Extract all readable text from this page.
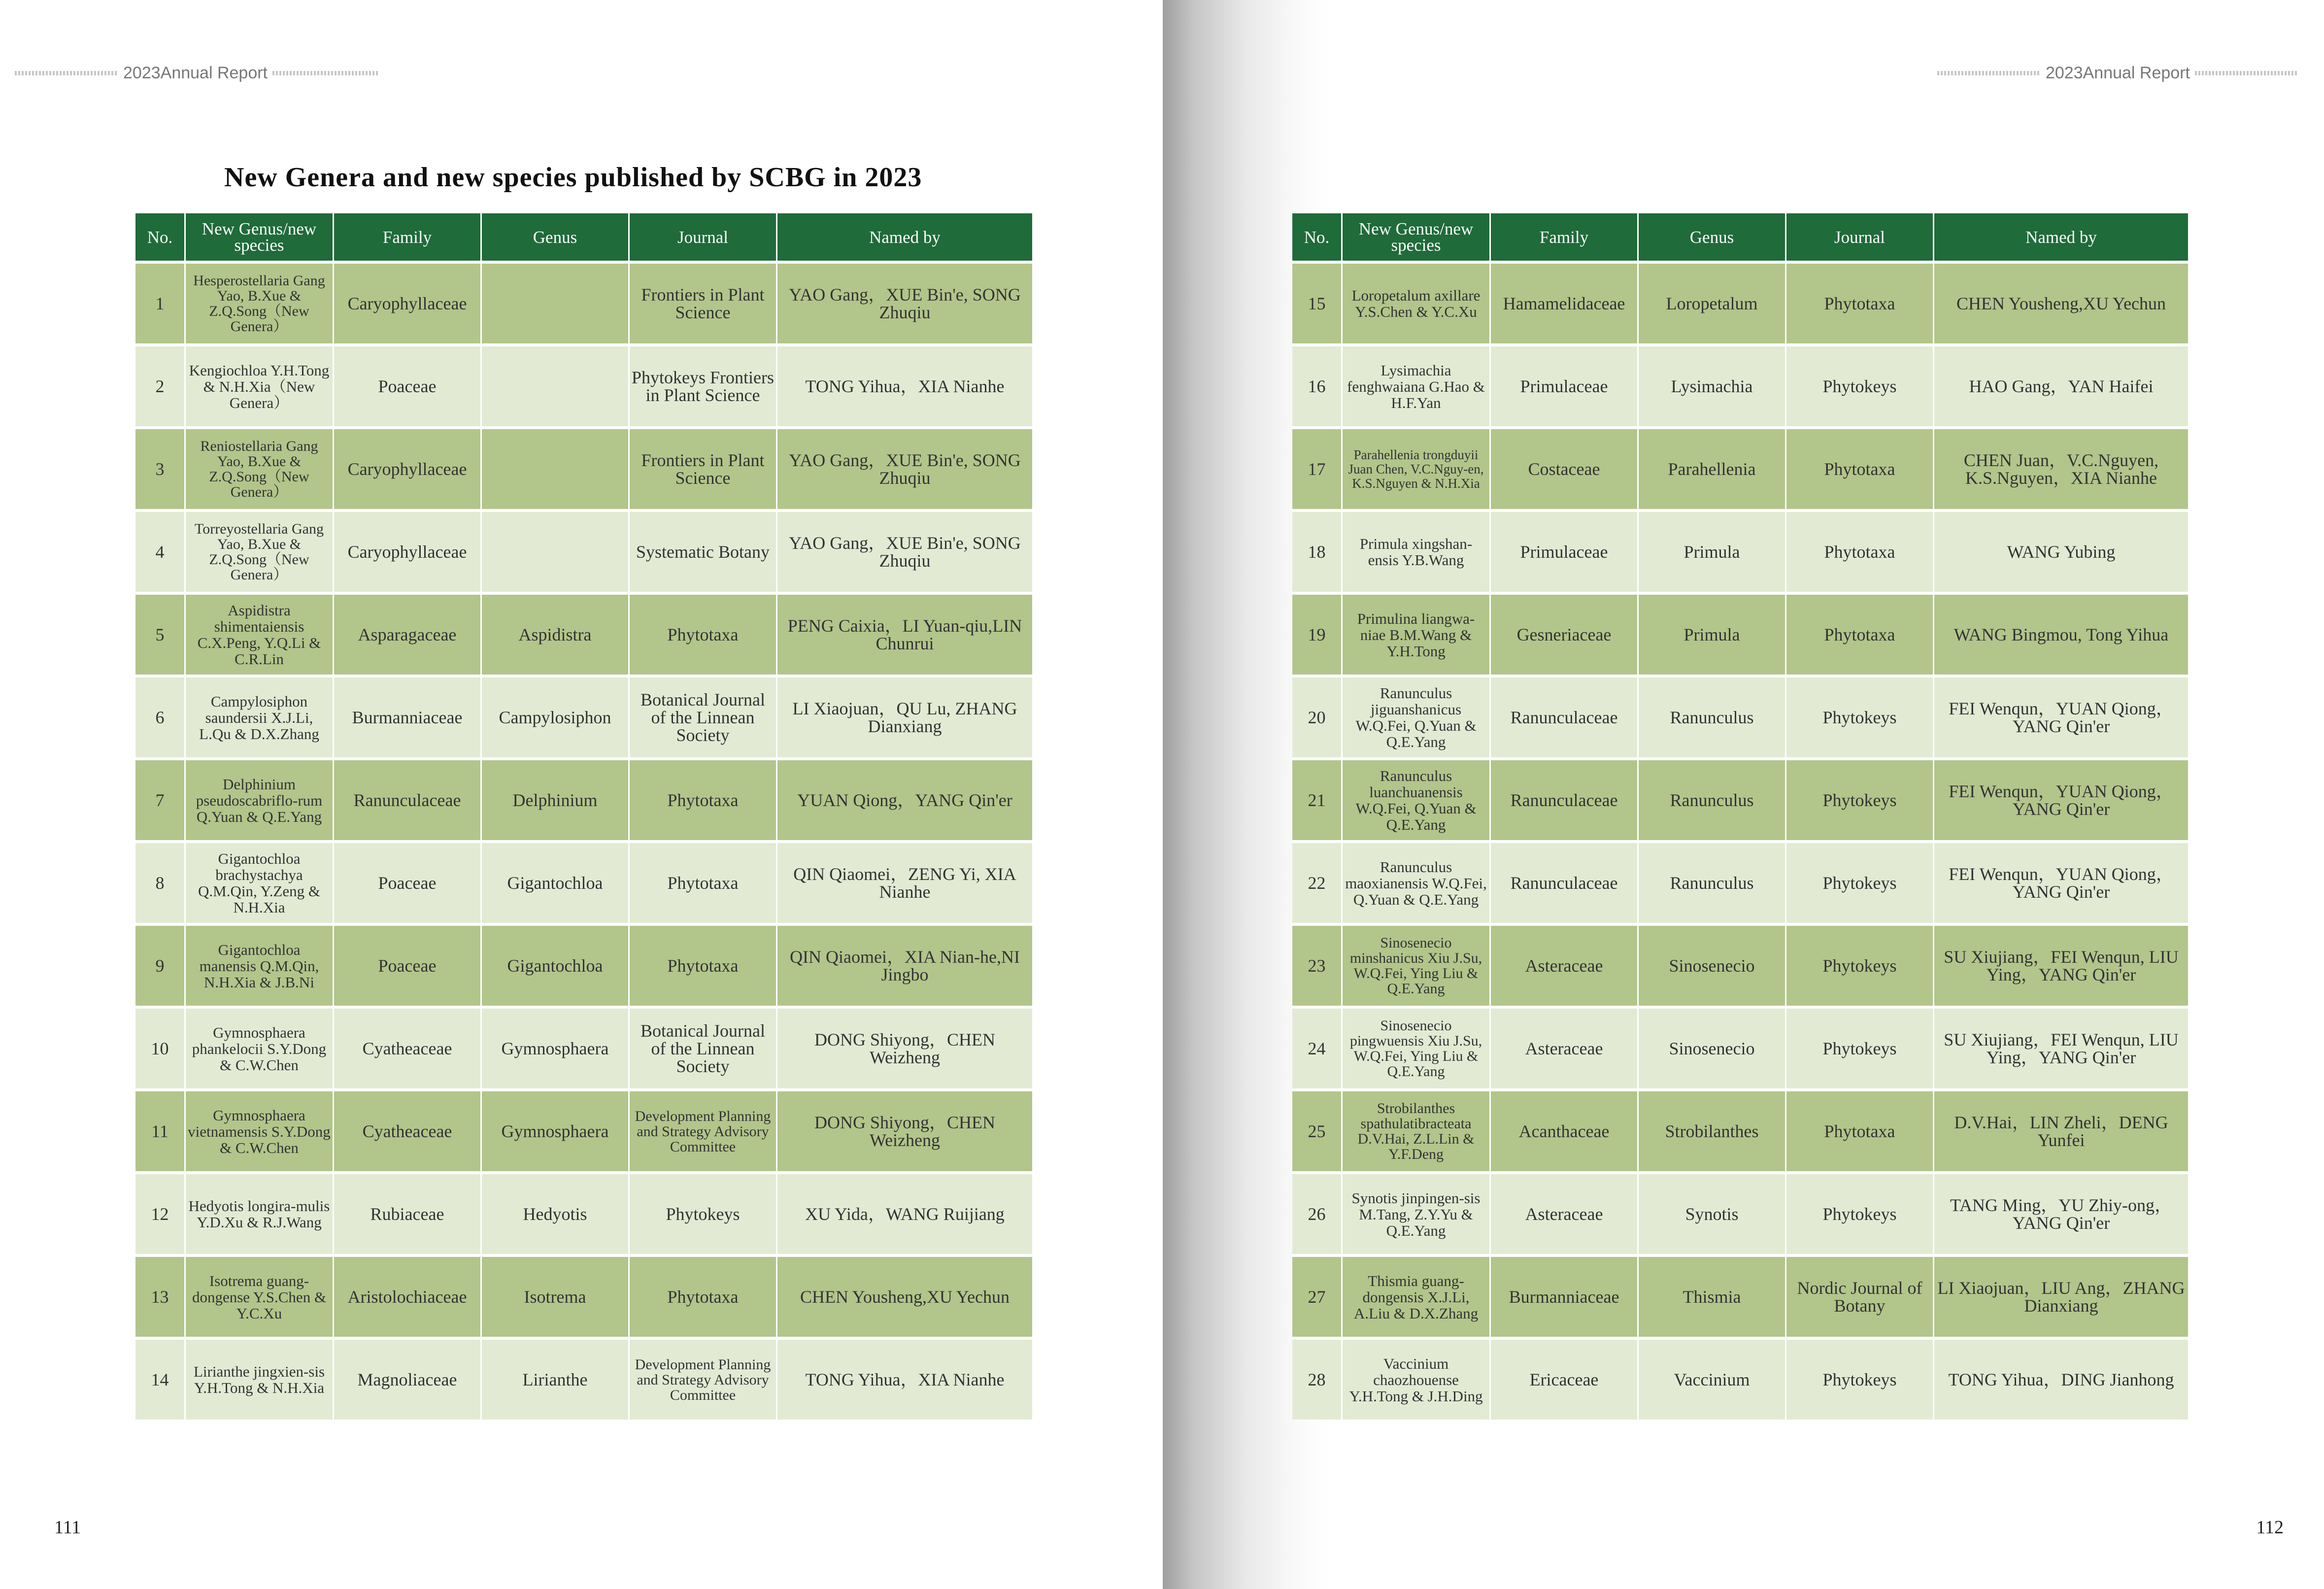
2023Annual Report
New Genera and new species published by SCBG in 2023
No.	New Genus/new species	Family	Genus	Journal	Named by
1	Hesperostellaria Gang Yao, B.Xue & Z.Q.Song（New Genera）	Caryophyllaceae		Frontiers in Plant Science	YAO Gang，XUE Bin'e, SONG Zhuqiu
2	Kengiochloa Y.H.Tong & N.H.Xia（New Genera）	Poaceae		Phytokeys Frontiers in Plant Science	TONG Yihua，XIA Nianhe
3	Reniostellaria Gang Yao, B.Xue & Z.Q.Song（New Genera）	Caryophyllaceae		Frontiers in Plant Science	YAO Gang，XUE Bin'e, SONG Zhuqiu
4	Torreyostellaria Gang Yao, B.Xue & Z.Q.Song（New Genera）	Caryophyllaceae		Systematic Botany	YAO Gang，XUE Bin'e, SONG Zhuqiu
5	Aspidistra shimentaiensis C.X.Peng, Y.Q.Li & C.R.Lin	Asparagaceae	Aspidistra	Phytotaxa	PENG Caixia，LI Yuan-qiu,LIN Chunrui
6	Campylosiphon saundersii X.J.Li, L.Qu & D.X.Zhang	Burmanniaceae	Campylosiphon	Botanical Journal of the Linnean Society	LI Xiaojuan，QU Lu, ZHANG Dianxiang
7	Delphinium pseudoscabriflo-rum Q.Yuan & Q.E.Yang	Ranunculaceae	Delphinium	Phytotaxa	YUAN Qiong，YANG Qin'er
8	Gigantochloa brachystachya Q.M.Qin, Y.Zeng & N.H.Xia	Poaceae	Gigantochloa	Phytotaxa	QIN Qiaomei，ZENG Yi, XIA Nianhe
9	Gigantochloa manensis Q.M.Qin, N.H.Xia & J.B.Ni	Poaceae	Gigantochloa	Phytotaxa	QIN Qiaomei，XIA Nian-he,NI Jingbo
10	Gymnosphaera phankelocii S.Y.Dong & C.W.Chen	Cyatheaceae	Gymnosphaera	Botanical Journal of the Linnean Society	DONG Shiyong，CHEN Weizheng
11	Gymnosphaera vietnamensis S.Y.Dong & C.W.Chen	Cyatheaceae	Gymnosphaera	Development Planning and Strategy Advisory Committee	DONG Shiyong，CHEN Weizheng
12	Hedyotis longira-mulis Y.D.Xu & R.J.Wang	Rubiaceae	Hedyotis	Phytokeys	XU Yida，WANG Ruijiang
13	Isotrema guang-dongense Y.S.Chen & Y.C.Xu	Aristolochiaceae	Isotrema	Phytotaxa	CHEN Yousheng,XU Yechun
14	Lirianthe jingxien-sis Y.H.Tong & N.H.Xia	Magnoliaceae	Lirianthe	Development Planning and Strategy Advisory Committee	TONG Yihua，XIA Nianhe
111
2023Annual Report
No.	New Genus/new species	Family	Genus	Journal	Named by
15	Loropetalum axillare Y.S.Chen & Y.C.Xu	Hamamelidaceae	Loropetalum	Phytotaxa	CHEN Yousheng,XU Yechun
16	Lysimachia fenghwaiana G.Hao & H.F.Yan	Primulaceae	Lysimachia	Phytokeys	HAO Gang，YAN Haifei
17	Parahellenia trongduyii Juan Chen, V.C.Nguy-en, K.S.Nguyen & N.H.Xia	Costaceae	Parahellenia	Phytotaxa	CHEN Juan，V.C.Nguyen, K.S.Nguyen，XIA Nianhe
18	Primula xingshan-ensis Y.B.Wang	Primulaceae	Primula	Phytotaxa	WANG Yubing
19	Primulina liangwa-niae B.M.Wang & Y.H.Tong	Gesneriaceae	Primula	Phytotaxa	WANG Bingmou, Tong Yihua
20	Ranunculus jiguanshanicus W.Q.Fei, Q.Yuan & Q.E.Yang	Ranunculaceae	Ranunculus	Phytokeys	FEI Wenqun，YUAN Qiong，YANG Qin'er
21	Ranunculus luanchuanensis W.Q.Fei, Q.Yuan & Q.E.Yang	Ranunculaceae	Ranunculus	Phytokeys	FEI Wenqun，YUAN Qiong，YANG Qin'er
22	Ranunculus maoxianensis W.Q.Fei, Q.Yuan & Q.E.Yang	Ranunculaceae	Ranunculus	Phytokeys	FEI Wenqun，YUAN Qiong，YANG Qin'er
23	Sinosenecio minshanicus Xiu J.Su, W.Q.Fei, Ying Liu & Q.E.Yang	Asteraceae	Sinosenecio	Phytokeys	SU Xiujiang，FEI Wenqun, LIU Ying，YANG Qin'er
24	Sinosenecio pingwuensis Xiu J.Su, W.Q.Fei, Ying Liu & Q.E.Yang	Asteraceae	Sinosenecio	Phytokeys	SU Xiujiang，FEI Wenqun, LIU Ying，YANG Qin'er
25	Strobilanthes spathulatibracteata D.V.Hai, Z.L.Lin & Y.F.Deng	Acanthaceae	Strobilanthes	Phytotaxa	D.V.Hai，LIN Zheli，DENG Yunfei
26	Synotis jinpingen-sis M.Tang, Z.Y.Yu & Q.E.Yang	Asteraceae	Synotis	Phytokeys	TANG Ming，YU Zhiy-ong，YANG Qin'er
27	Thismia guang-dongensis X.J.Li, A.Liu & D.X.Zhang	Burmanniaceae	Thismia	Nordic Journal of Botany	LI Xiaojuan，LIU Ang，ZHANG Dianxiang
28	Vaccinium chaozhouense Y.H.Tong & J.H.Ding	Ericaceae	Vaccinium	Phytokeys	TONG Yihua，DING Jianhong
112
